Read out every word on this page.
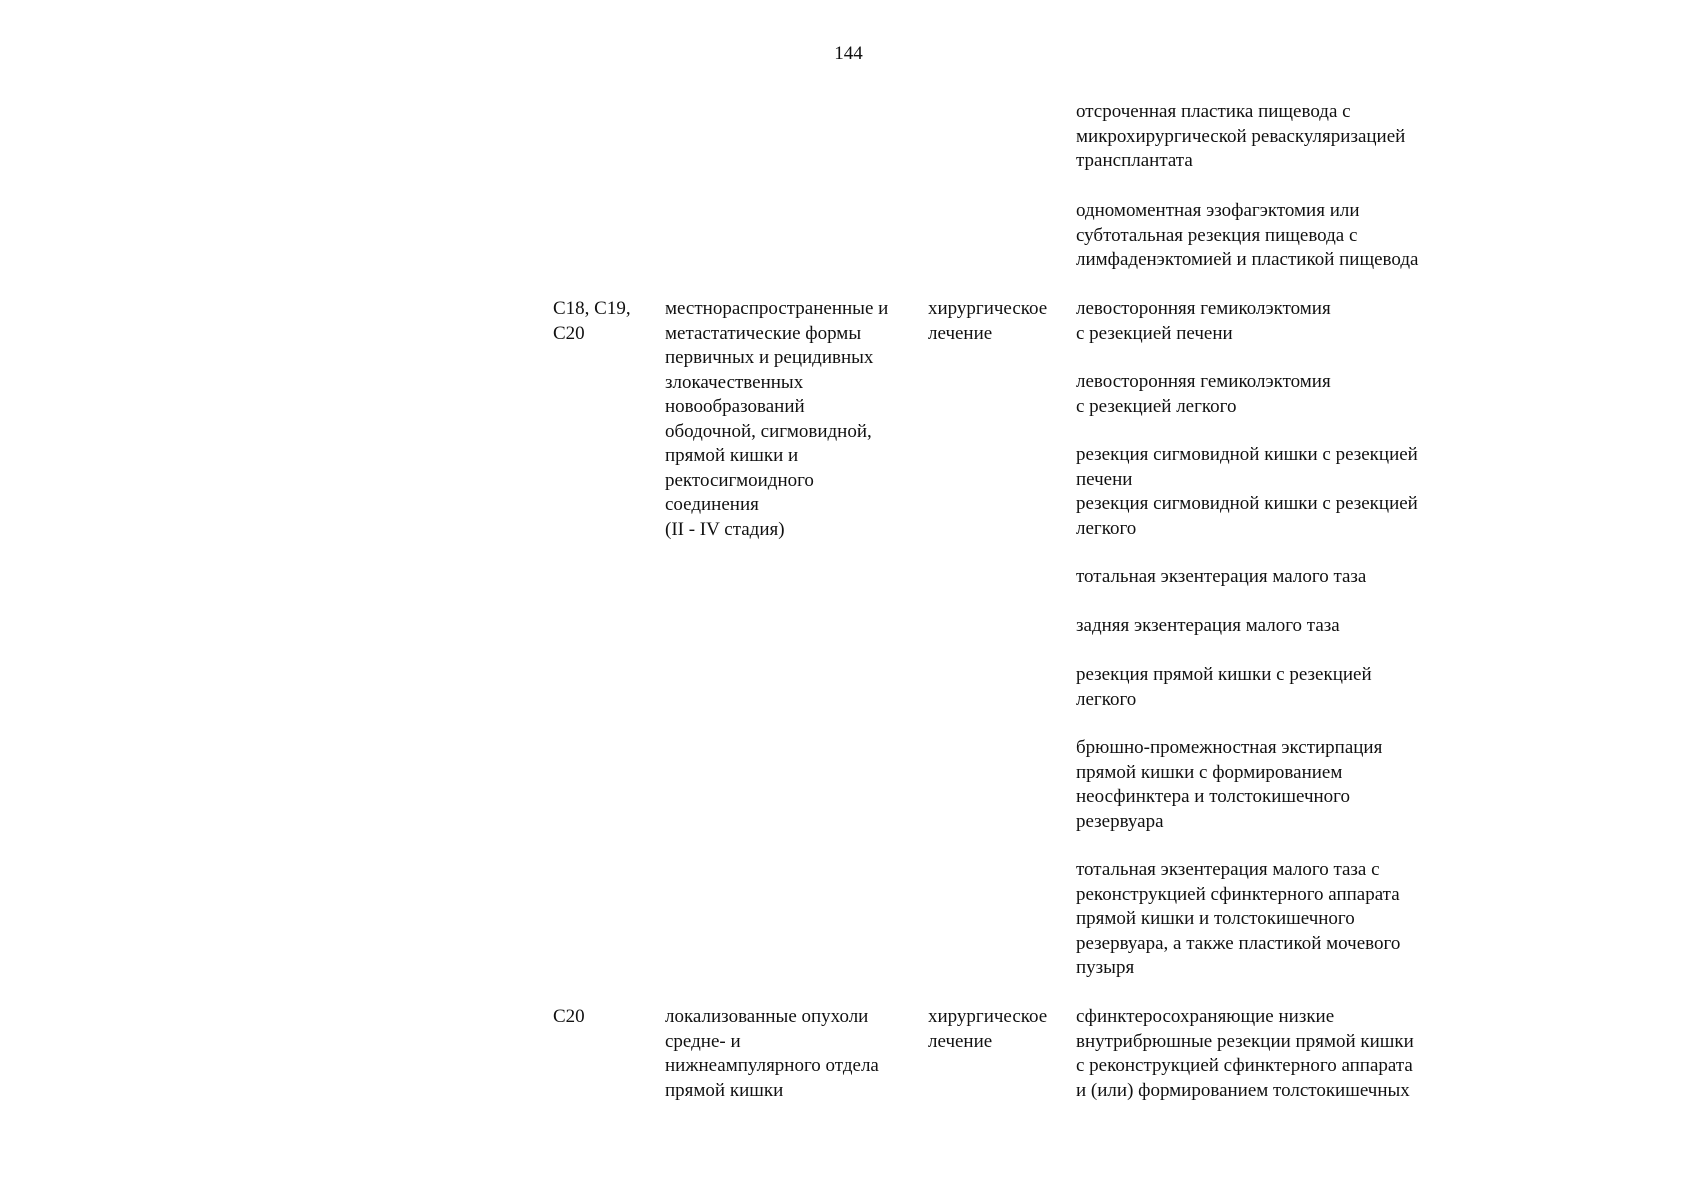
144
отсроченная пластика пищевода с
микрохирургической реваскуляризацией
трансплантата
одномоментная эзофагэктомия или
субтотальная резекция пищевода с
лимфаденэктомией и пластикой пищевода
C18, C19,
C20
местнораспространенные и
метастатические формы
первичных и рецидивных
злокачественных
новообразований
ободочной, сигмовидной,
прямой кишки и
ректосигмоидного
соединения
(II - IV стадия)
хирургическое
лечение
левосторонняя гемиколэктомия
с резекцией печени
левосторонняя гемиколэктомия
с резекцией легкого
резекция сигмовидной кишки с резекцией
печени
резекция сигмовидной кишки с резекцией
легкого
тотальная экзентерация малого таза
задняя экзентерация малого таза
резекция прямой кишки с резекцией
легкого
брюшно-промежностная экстирпация
прямой кишки с формированием
неосфинктера и толстокишечного
резервуара
тотальная экзентерация малого таза с
реконструкцией сфинктерного аппарата
прямой кишки и толстокишечного
резервуара, а также пластикой мочевого
пузыря
C20	локализованные опухоли
средне- и
нижнеампулярного отдела
прямой кишки
хирургическое
лечение
сфинктеросохраняющие низкие
внутрибрюшные резекции прямой кишки
с реконструкцией сфинктерного аппарата
и (или) формированием толстокишечных
